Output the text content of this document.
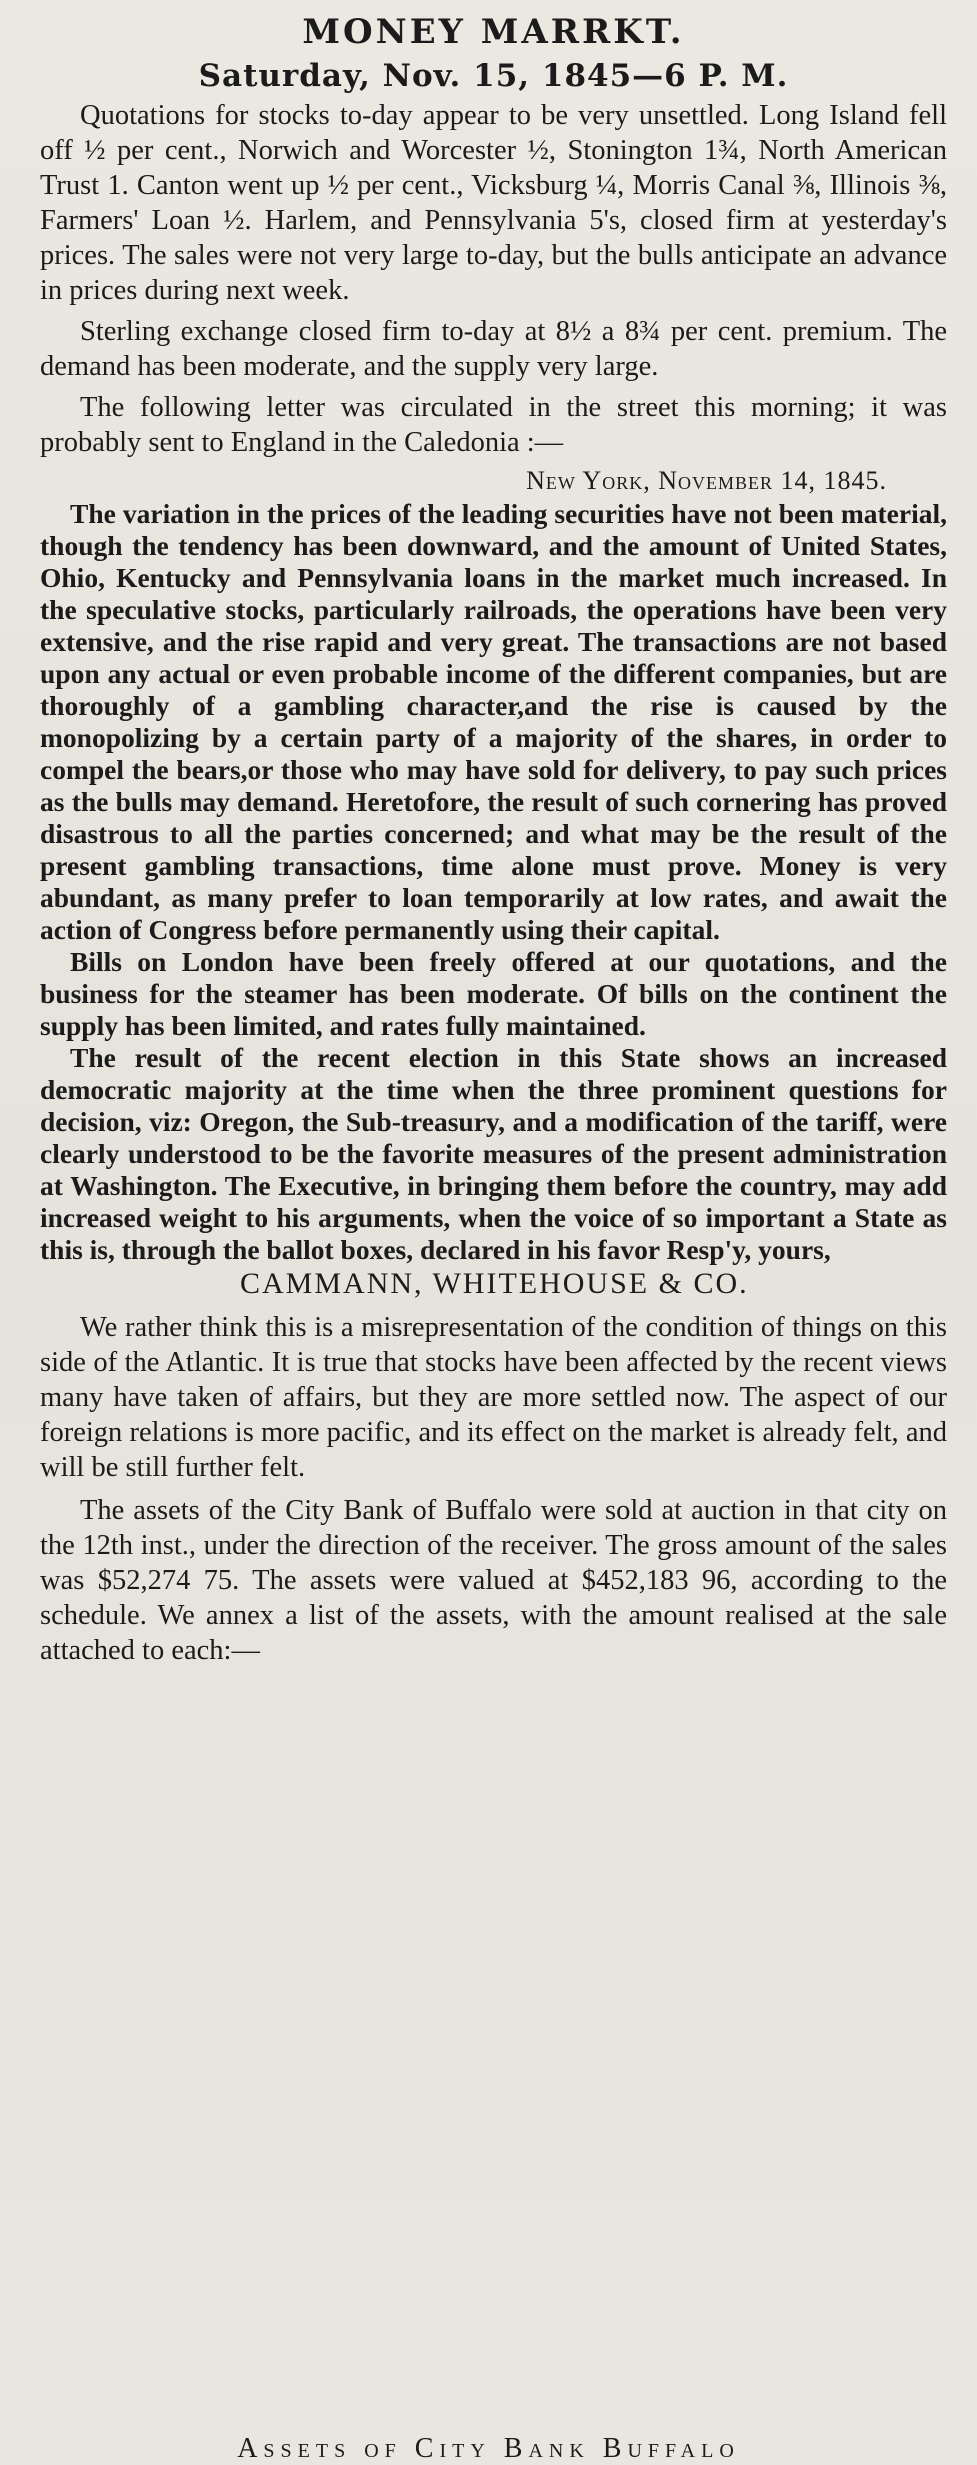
MONEY MARRKT.
Saturday, Nov. 15, 1845—6 P. M.

Quotations for stocks to-day appear to be very unsettled. Long Island fell off ½ per cent., Norwich and Worcester ½, Stonington 1¾, North American Trust 1. Canton went up ½ per cent., Vicksburg ¼, Morris Canal ⅜, Illinois ⅜, Farmers' Loan ½. Harlem, and Pennsylvania 5's, closed firm at yesterday's prices. The sales were not very large to-day, but the bulls anticipate an advance in prices during next week.

Sterling exchange closed firm to-day at 8½ a 8¾ per cent. premium. The demand has been moderate, and the supply very large.

The following letter was circulated in the street this morning; it was probably sent to England in the Caledonia :—

New York, November 14, 1845.

The variation in the prices of the leading securities have not been material, though the tendency has been downward, and the amount of United States, Ohio, Kentucky and Pennsylvania loans in the market much increased. In the speculative stocks, particularly railroads, the operations have been very extensive, and the rise rapid and very great. The transactions are not based upon any actual or even probable income of the different companies, but are thoroughly of a gambling character,and the rise is caused by the monopolizing by a certain party of a majority of the shares, in order to compel the bears,or those who may have sold for delivery, to pay such prices as the bulls may demand. Heretofore, the result of such cornering has proved disastrous to all the parties concerned; and what may be the result of the present gambling transactions, time alone must prove. Money is very abundant, as many prefer to loan temporarily at low rates, and await the action of Congress before permanently using their capital.

Bills on London have been freely offered at our quotations, and the business for the steamer has been moderate. Of bills on the continent the supply has been limited, and rates fully maintained.

The result of the recent election in this State shows an increased democratic majority at the time when the three prominent questions for decision, viz: Oregon, the Sub-treasury, and a modification of the tariff, were clearly understood to be the favorite measures of the present administration at Washington. The Executive, in bringing them before the country, may add increased weight to his arguments, when the voice of so important a State as this is, through the ballot boxes, declared in his favor Resp'y, yours,

CAMMANN, WHITEHOUSE & CO.

We rather think this is a misrepresentation of the condition of things on this side of the Atlantic. It is true that stocks have been affected by the recent views many have taken of affairs, but they are more settled now. The aspect of our foreign relations is more pacific, and its effect on the market is already felt, and will be still further felt.

The assets of the City Bank of Buffalo were sold at auction in that city on the 12th inst., under the direction of the receiver. The gross amount of the sales was $52,274 75. The assets were valued at $452,183 96, according to the schedule. We annex a list of the assets, with the amount realised at the sale attached to each:—

Assets of City Bank Buffalo
